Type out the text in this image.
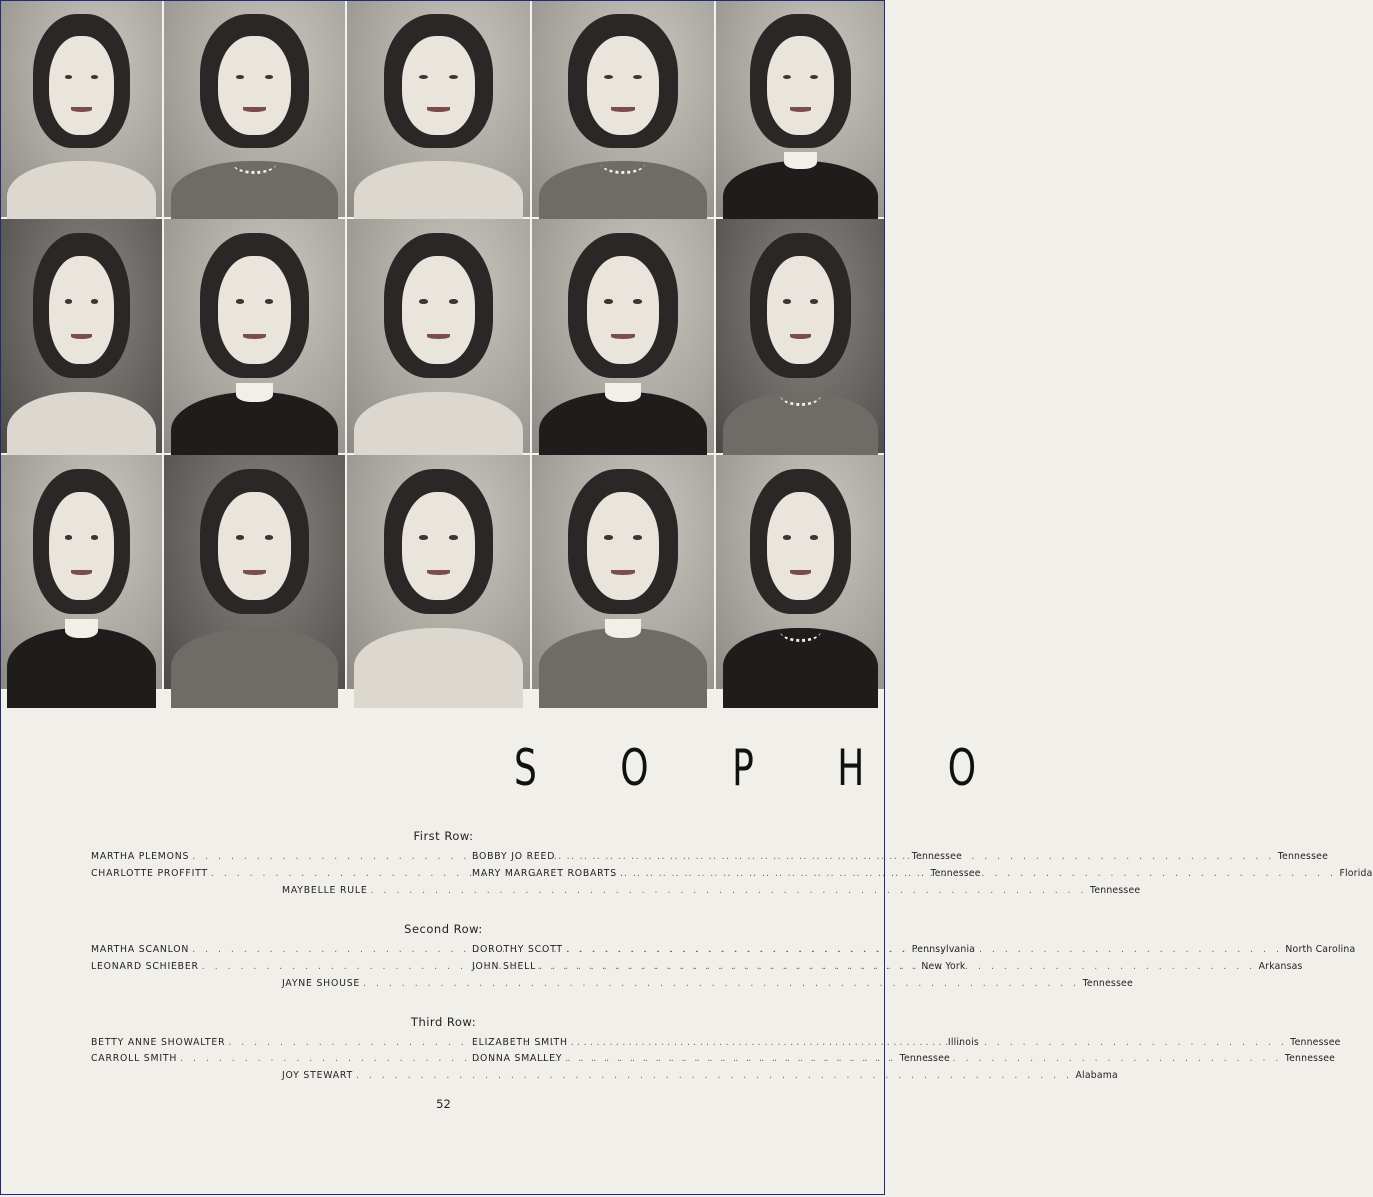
S O P H O
First Row:
MARTHA PLEMONS . . .	Tennessee
CHARLOTTE PROFFITT . . .	Tennessee
BOBBY JO REED . . .	Tennessee
MARY MARGARET ROBARTS . . .	Florida
MAYBELLE RULE . . .	Tennessee
Second Row:
MARTHA SCANLON . . .	Pennsylvania
LEONARD SCHIEBER . . .	New York
DOROTHY SCOTT . . .	North Carolina
JOHN SHELL . . .	Arkansas
JAYNE SHOUSE . . .	Tennessee
Third Row:
BETTY ANNE SHOWALTER . . .	Illinois
CARROLL SMITH . . .	Tennessee
ELIZABETH SMITH . . .	Tennessee
DONNA SMALLEY . . .	Tennessee
JOY STEWART . . .	Alabama
52
